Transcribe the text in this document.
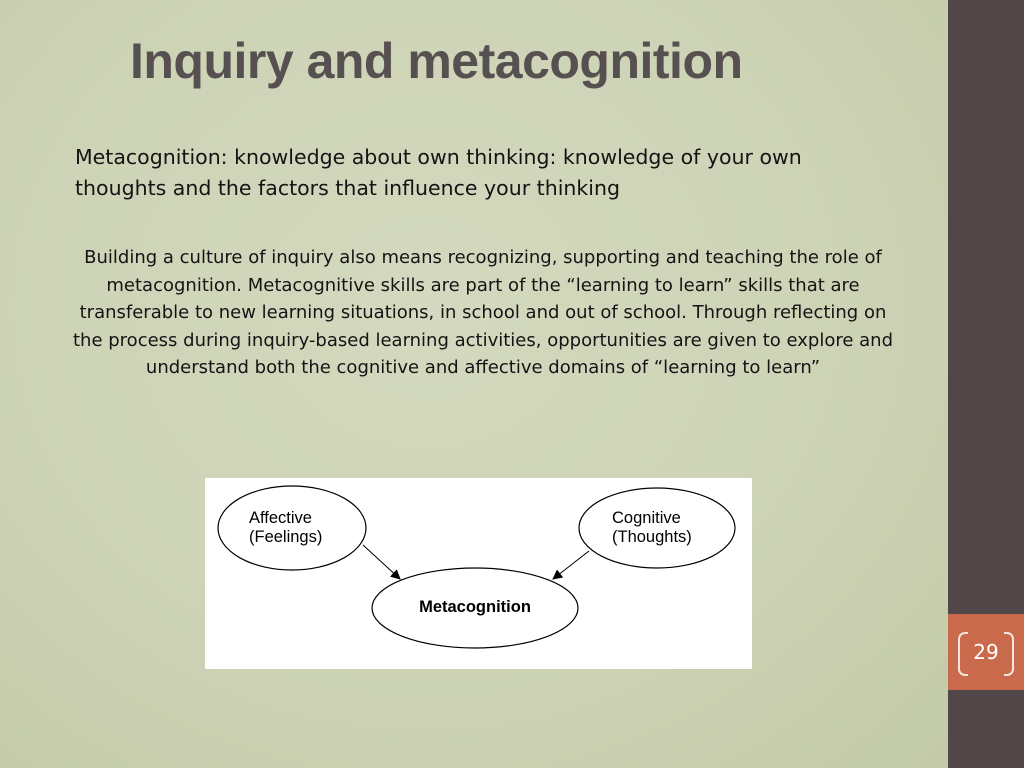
Inquiry and metacognition

Metacognition: knowledge about own thinking: knowledge of your own thoughts and the factors that influence your thinking

Building a culture of inquiry also means recognizing, supporting and teaching the role of metacognition. Metacognitive skills are part of the “learning to learn” skills that are transferable to new learning situations, in school and out of school. Through reflecting on the process during inquiry-based learning activities, opportunities are given to explore and understand both the cognitive and affective domains of “learning to learn”

Affective
(Feelings)
Cognitive
(Thoughts)
Metacognition
29
